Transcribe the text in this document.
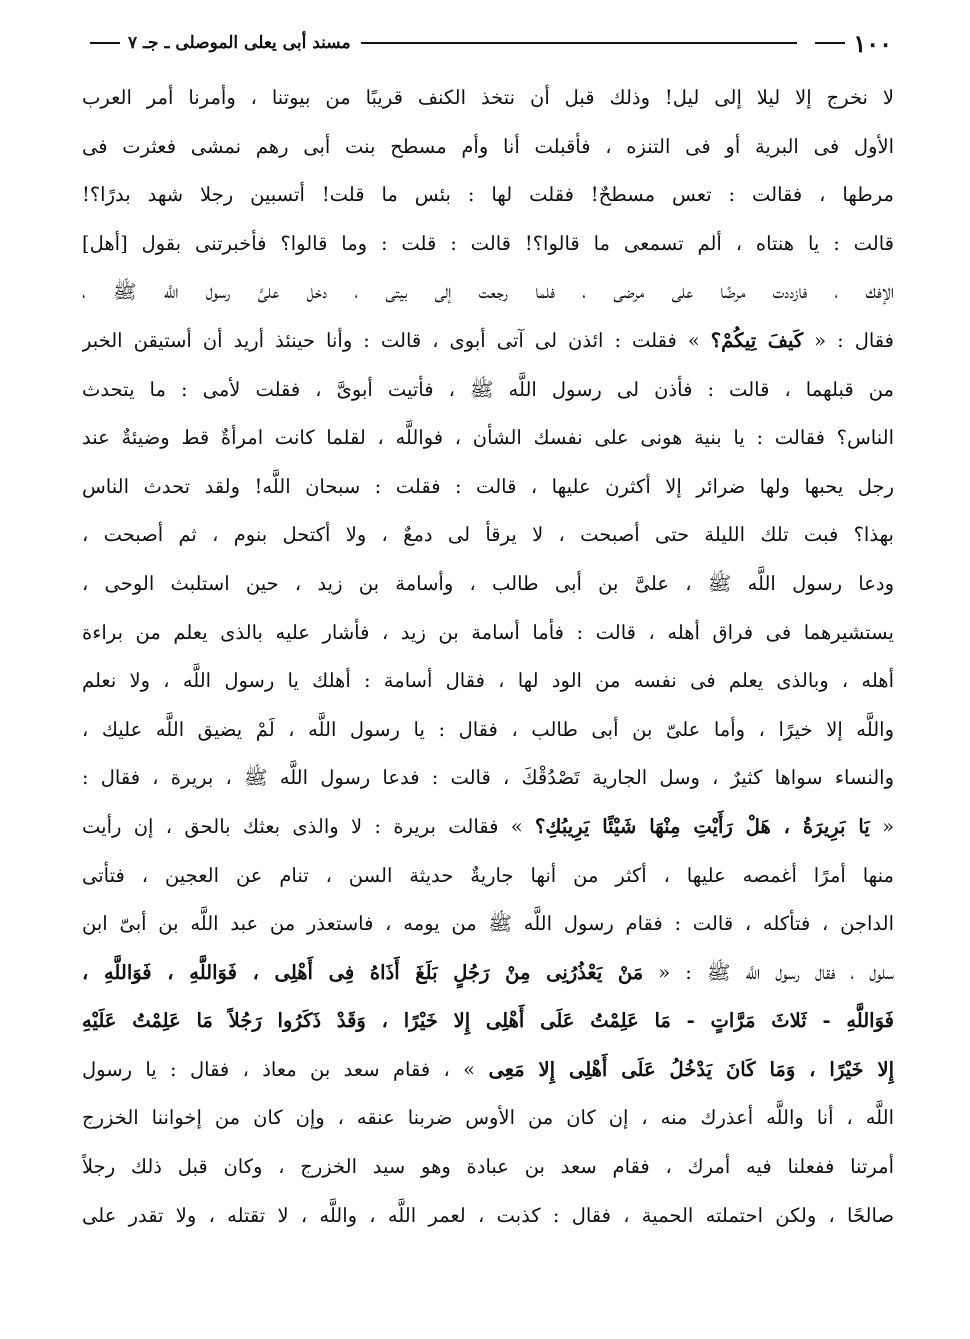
١٠٠
مسند أبى يعلى الموصلى ـ جـ ٧
لا نخرج إلا ليلا إلى ليل! وذلك قبل أن نتخذ الكنف قريبًا من بيوتنا ، وأمرنا أمر العرب
الأول فى البرية أو فى التنزه ، فأقبلت أنا وأم مسطح بنت أبى رهم نمشى فعثرت فى
مرطها ، فقالت : تعس مسطحٌ! فقلت لها : بئس ما قلت! أتسبين رجلا شهد بدرًا؟!
قالت : يا هنتاه ، ألم تسمعى ما قالوا؟! قالت : قلت : وما قالوا؟ فأخبرتنى بقول [أهل]
الإفك ، فازددت مرضًا على مرضى ، فلما رجعت إلى بيتى ، دخل علىَّ رسول اللَّه ﷺ ،
فقال : « كَيفَ تِيكُمْ؟ » فقلت : ائذن لى آتى أبوى ، قالت : وأنا حينئذ أريد أن أستيقن الخبر
من قبلهما ، قالت : فأذن لى رسول اللَّه ﷺ ، فأتيت أبوىَّ ، فقلت لأمى : ما يتحدث
الناس؟ فقالت : يا بنية هونى على نفسك الشأن ، فواللَّه ، لقلما كانت امرأةٌ قط وضيئةٌ عند
رجل يحبها ولها ضرائر إلا أكثرن عليها ، قالت : فقلت : سبحان اللَّه! ولقد تحدث الناس
بهذا؟ فبت تلك الليلة حتى أصبحت ، لا يرقأ لى دمعٌ ، ولا أكتحل بنوم ، ثم أصبحت ،
ودعا رسول اللَّه ﷺ ، علىَّ بن أبى طالب ، وأسامة بن زيد ، حين استلبث الوحى ،
يستشيرهما فى فراق أهله ، قالت : فأما أسامة بن زيد ، فأشار عليه بالذى يعلم من براءة
أهله ، وبالذى يعلم فى نفسه من الود لها ، فقال أسامة : أهلك يا رسول اللَّه ، ولا نعلم
واللَّه إلا خيرًا ، وأما علىّ بن أبى طالب ، فقال : يا رسول اللَّه ، لَمْ يضيق اللَّه عليك ،
والنساء سواها كثيرٌ ، وسل الجارية تَصْدُقْكَ ، قالت : فدعا رسول اللَّه ﷺ ، بريرة ، فقال :
« يَا بَرِيرَةُ ، هَلْ رَأَيْتِ مِنْهَا شَيْئًا يَرِيبُكِ؟ » فقالت بريرة : لا والذى بعثك بالحق ، إن رأيت
منها أمرًا أغمصه عليها ، أكثر من أنها جاريةٌ حديثة السن ، تنام عن العجين ، فتأتى
الداجن ، فتأكله ، قالت : فقام رسول اللَّه ﷺ من يومه ، فاستعذر من عبد اللَّه بن أبىّ ابن
سلول ، فقال رسول اللَّه ﷺ : « مَنْ يَعْذُرُنِى مِنْ رَجُلٍ بَلَغَ أَذَاهُ فِى أَهْلِى ، فَوَاللَّهِ ، فَوَاللَّهِ ،
فَوَاللَّهِ - ثَلاثَ مَرَّاتٍ - مَا عَلِمْتُ عَلَى أَهْلِى إِلا خَيْرًا ، وَقَدْ ذَكَرُوا رَجُلاً مَا عَلِمْتُ عَلَيْهِ
إِلا خَيْرًا ، وَمَا كَانَ يَدْخُلُ عَلَى أَهْلِى إِلا مَعِى » ، فقام سعد بن معاذ ، فقال : يا رسول
اللَّه ، أنا واللَّه أعذرك منه ، إن كان من الأوس ضربنا عنقه ، وإن كان من إخواننا الخزرج
أمرتنا ففعلنا فيه أمرك ، فقام سعد بن عبادة وهو سيد الخزرج ، وكان قبل ذلك رجلاً
صالحًا ، ولكن احتملته الحمية ، فقال : كذبت ، لعمر اللَّه ، واللَّه ، لا تقتله ، ولا تقدر على
